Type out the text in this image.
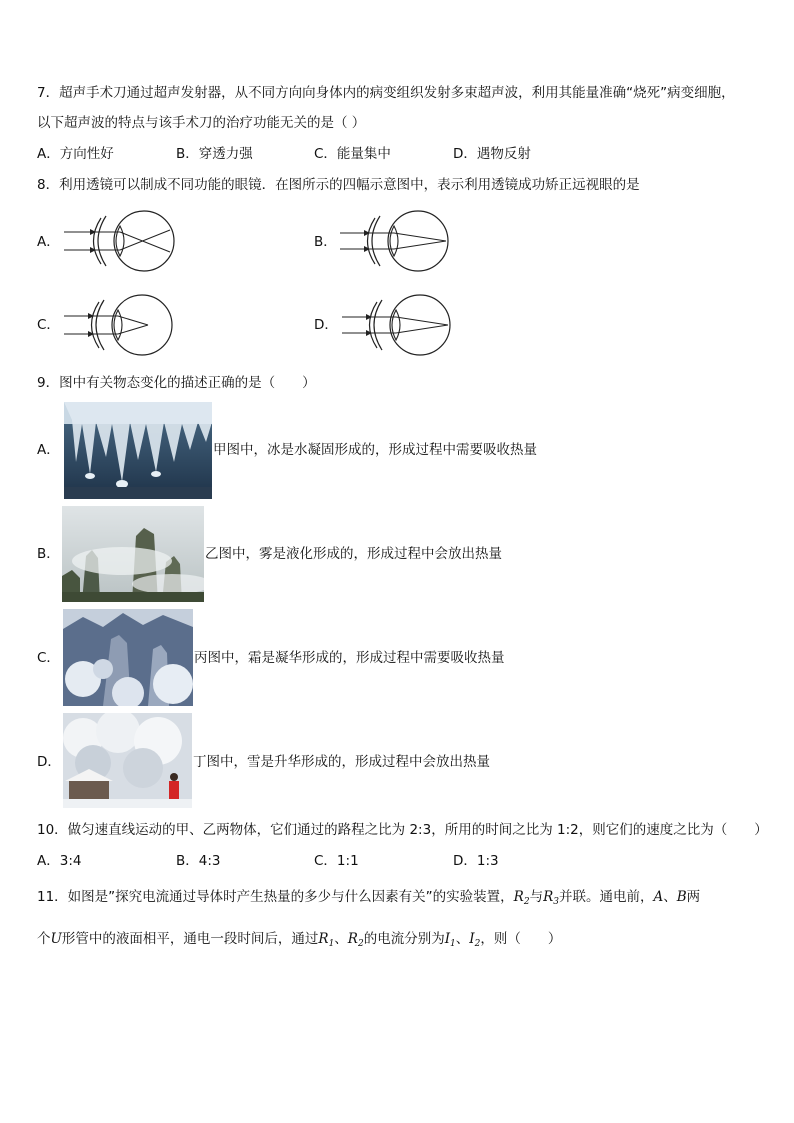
7．超声手术刀通过超声发射器，从不同方向向身体内的病变组织发射多束超声波，利用其能量准确“烧死”病变细胞，
以下超声波的特点与该手术刀的治疗功能无关的是（ ）
A．方向性好	B．穿透力强	C．能量集中	D．遇物反射
8．利用透镜可以制成不同功能的眼镜．在图所示的四幅示意图中，表示利用透镜成功矫正远视眼的是
A．	B．
C．	D．
9．图中有关物态变化的描述正确的是（　　）
A．	甲图中，冰是水凝固形成的，形成过程中需要吸收热量
B．	乙图中，雾是液化形成的，形成过程中会放出热量
C．	丙图中，霜是凝华形成的，形成过程中需要吸收热量
D．	丁图中，雪是升华形成的，形成过程中会放出热量
10．做匀速直线运动的甲、乙两物体，它们通过的路程之比为 2:3，所用的时间之比为 1:2，则它们的速度之比为（　　）
A．3:4	B．4:3	C．1:1	D．1:3
11．如图是”探究电流通过导体时产生热量的多少与什么因素有关”的实验装置，$R_2$与$R_3$并联。通电前，A、B两
个U形管中的液面相平，通电一段时间后，通过$R_1$、$R_2$的电流分别为$I_1$、$I_2$，则（　　）
